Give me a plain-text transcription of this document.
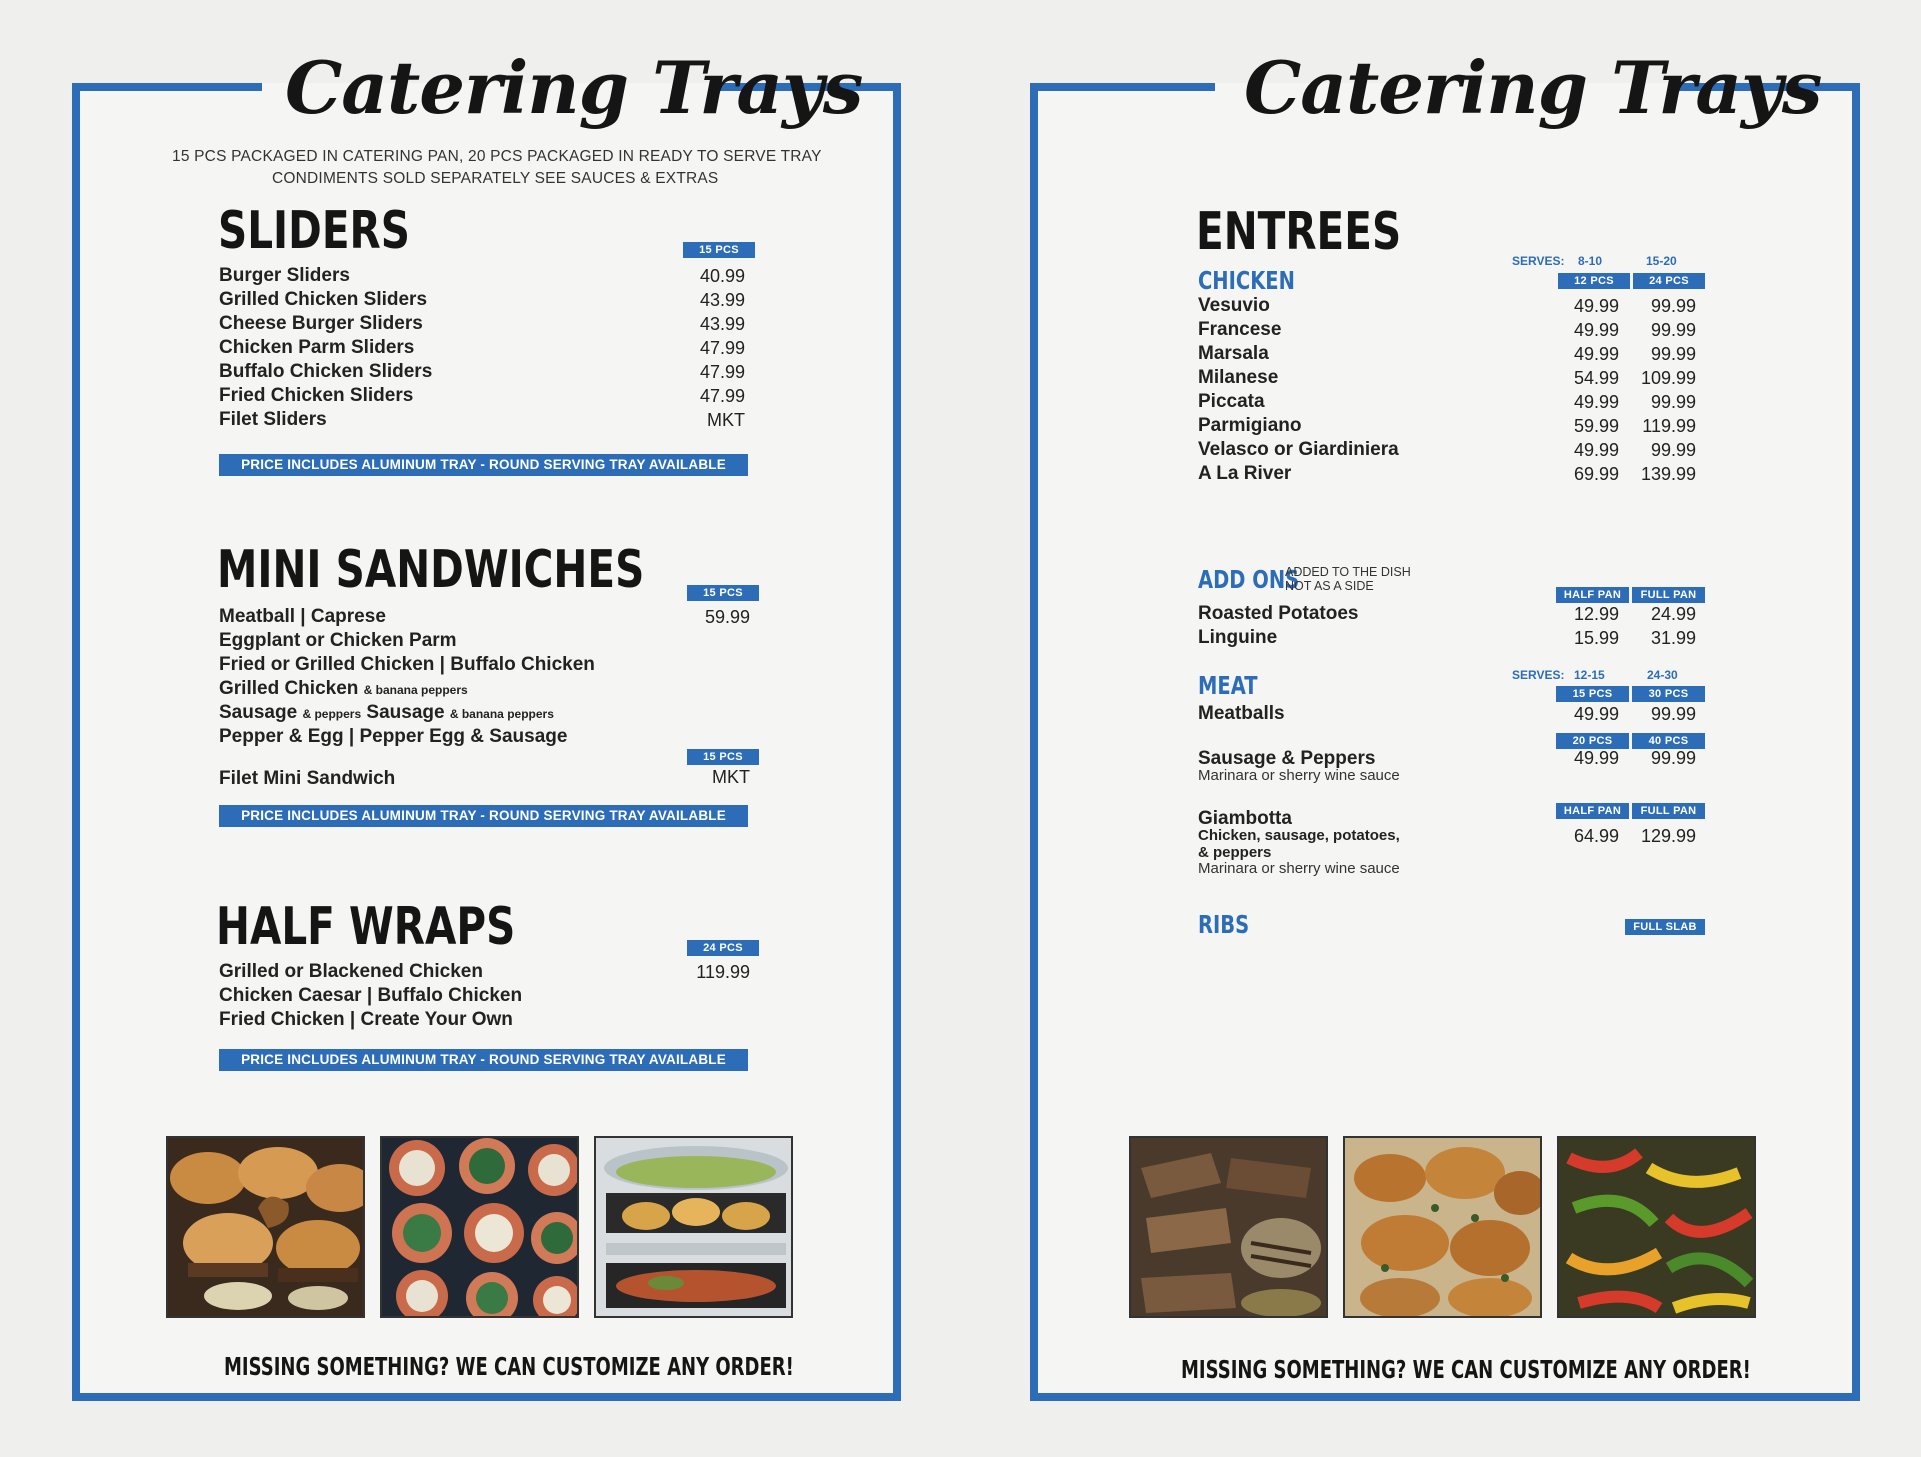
Catering Trays
15 PCS PACKAGED IN CATERING PAN, 20 PCS PACKAGED IN READY TO SERVE TRAY
CONDIMENTS SOLD SEPARATELY SEE SAUCES & EXTRAS
SLIDERS	15 PCS
PRICE INCLUDES ALUMINUM TRAY - ROUND SERVING TRAY AVAILABLE
MINI SANDWICHES	15 PCS
59.99
Meatball | Capresе
Eggplant or Chicken Parm
Fried or Grilled Chicken | Buffalo Chicken
Grilled Chicken & banana peppers
Sausage & peppers Sausage & banana peppers
Pepper & Egg | Pepper Egg & Sausage
15 PCS
Filet Mini Sandwich	MKT
PRICE INCLUDES ALUMINUM TRAY - ROUND SERVING TRAY AVAILABLE
HALF WRAPS	24 PCS
119.99
Grilled or Blackened Chicken
Chicken Caesar | Buffalo Chicken
Fried Chicken | Create Your Own
PRICE INCLUDES ALUMINUM TRAY - ROUND SERVING TRAY AVAILABLE
MISSING SOMETHING? WE CAN CUSTOMIZE ANY ORDER!
Catering Trays
ENTREES
CHICKEN
SERVES: 8-10	15-20
12 PCS	24 PCS
ADD ONS
ADDED TO THE DISH
NOT AS A SIDE
HALF PAN	FULL PAN
MEAT	SERVES: 12-15	24-30
15 PCS	30 PCS
Meatballs	49.99	99.99
20 PCS	40 PCS
Sausage & Peppers
Marinara or sherry wine sauce
49.99	99.99
HALF PAN	FULL PAN
Giambotta
Chicken, sausage, potatoes,
& peppers
Marinara or sherry wine sauce
64.99	129.99
RIBS	FULL SLAB
MISSING SOMETHING? WE CAN CUSTOMIZE ANY ORDER!
Burger Sliders	40.99
Grilled Chicken Sliders	43.99
Cheese Burger Sliders	43.99
Chicken Parm Sliders	47.99
Buffalo Chicken Sliders	47.99
Fried Chicken Sliders	47.99
Filet Sliders	MKT
Vesuvio	49.99	99.99
Francese	49.99	99.99
Marsala	49.99	99.99
Milanese	54.99	109.99
Piccata	49.99	99.99
Parmigiano	59.99	119.99
Velasco or Giardiniera	49.99	99.99
A La River	69.99	139.99
Roasted Potatoes	12.99	24.99
Linguine	15.99	31.99
